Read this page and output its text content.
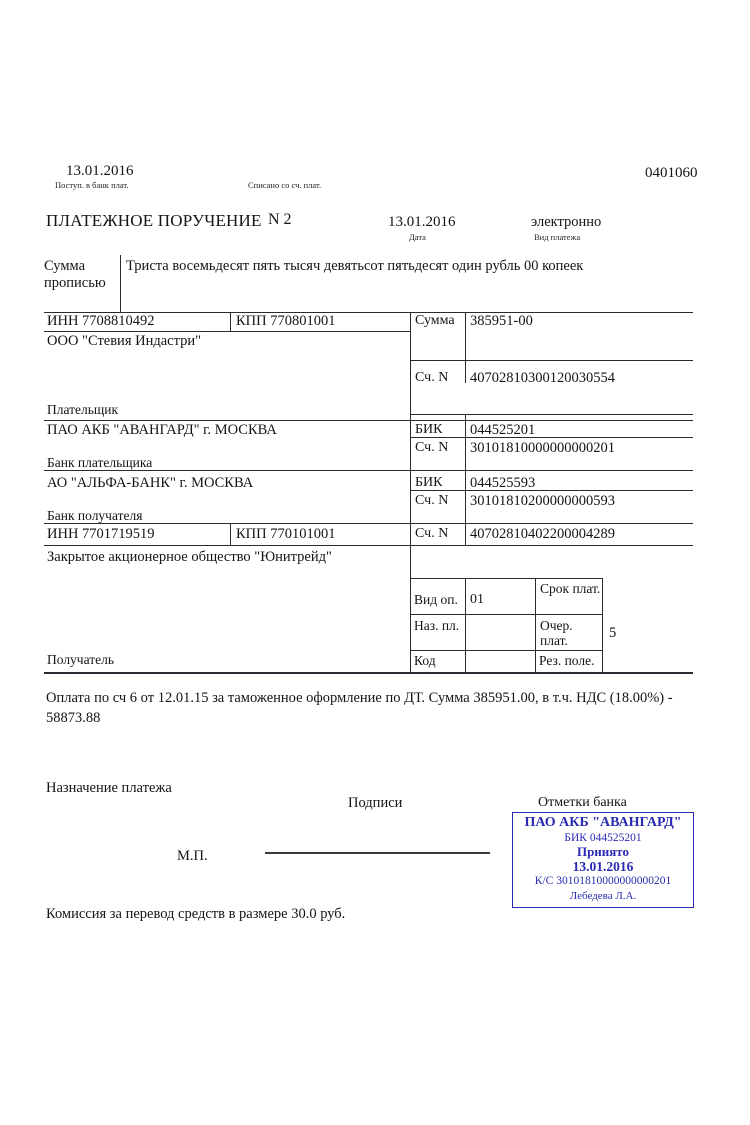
13.01.2016
Поступ. в банк плат.	Списано со сч. плат.
0401060
ПЛАТЕЖНОЕ ПОРУЧЕНИЕ N 2	13.01.2016
Дата
электронно
Вид платежа
Сумма
прописью
Триста восемьдесят пять тысяч девятьсот пятьдесят один рубль 00 копеек
ИНН 7708810492	КПП 770801001
ООО "Стевия Индастри"
Плательщик
ПАО АКБ "АВАНГАРД" г. МОСКВА
Банк плательщика
АО "АЛЬФА-БАНК" г. МОСКВА
Банк получателя
ИНН 7701719519	КПП 770101001
Закрытое акционерное общество "Юнитрейд"
Получатель
Сумма 385951-00
Сч. N 40702810300120030554
БИК 044525201
Сч. N 30101810000000000201
БИК 044525593
Сч. N 30101810200000000593
Сч. N 40702810402200004289
Вид оп. 01
Наз. пл.
Код
Срок плат.
Очер. плат.	5
Рез. поле.
Оплата по сч 6 от 12.01.15 за таможенное оформление по ДТ. Сумма 385951.00, в т.ч. НДС (18.00%) - 58873.88
Назначение платежа
Подписи
М.П.
Комиссия за перевод средств в размере 30.0 руб.
Отметки банка
ПАО АКБ "АВАНГАРД"
БИК 044525201
Принято
13.01.2016
К/С 30101810000000000201
Лебедева Л.А.
